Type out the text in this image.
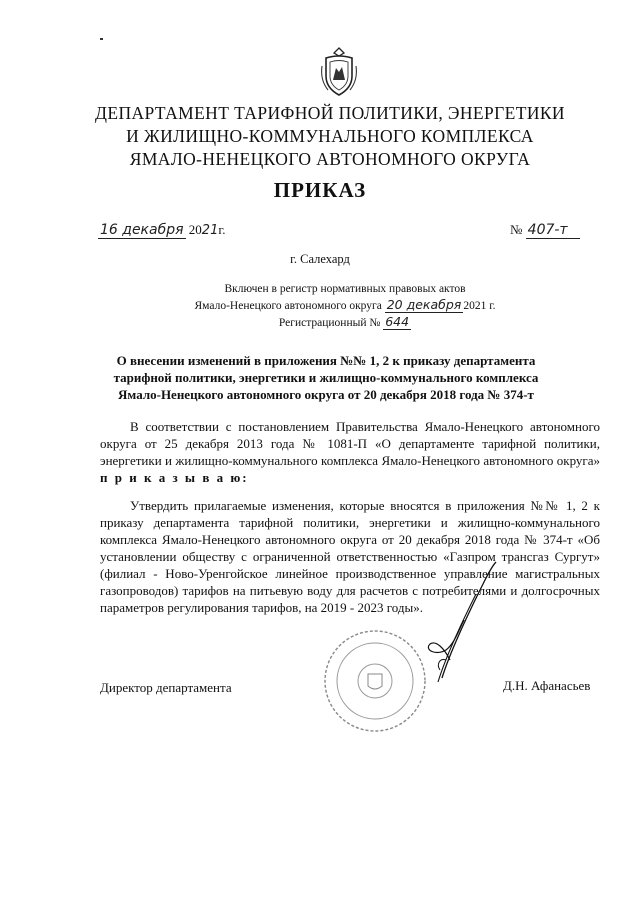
ДЕПАРТАМЕНТ ТАРИФНОЙ ПОЛИТИКИ, ЭНЕРГЕТИКИ
И ЖИЛИЩНО-КОММУНАЛЬНОГО КОМПЛЕКСА
ЯМАЛО-НЕНЕЦКОГО АВТОНОМНОГО ОКРУГА
ПРИКАЗ
16 декабря 2021г.	№ 407-т
г. Салехард
Включен в регистр нормативных правовых актов
Ямало-Ненецкого автономного округа 20 декабря 2021 г.
Регистрационный № 644
О внесении изменений в приложения №№ 1, 2 к приказу департамента тарифной политики, энергетики и жилищно-коммунального комплекса Ямало-Ненецкого автономного округа от 20 декабря 2018 года № 374-т
В соответствии с постановлением Правительства Ямало-Ненецкого автономного округа от 25 декабря 2013 года № 1081-П «О департаменте тарифной политики, энергетики и жилищно-коммунального комплекса Ямало-Ненецкого автономного округа» п р и к а з ы в а ю:
Утвердить прилагаемые изменения, которые вносятся в приложения №№ 1, 2 к приказу департамента тарифной политики, энергетики и жилищно-коммунального комплекса Ямало-Ненецкого автономного округа от 20 декабря 2018 года № 374-т «Об установлении обществу с ограниченной ответственностью «Газпром трансгаз Сургут» (филиал - Ново-Уренгойское линейное производственное управление магистральных газопроводов) тарифов на питьевую воду для расчетов с потребителями и долгосрочных параметров регулирования тарифов, на 2019 - 2023 годы».
Директор департамента	Д.Н. Афанасьев
